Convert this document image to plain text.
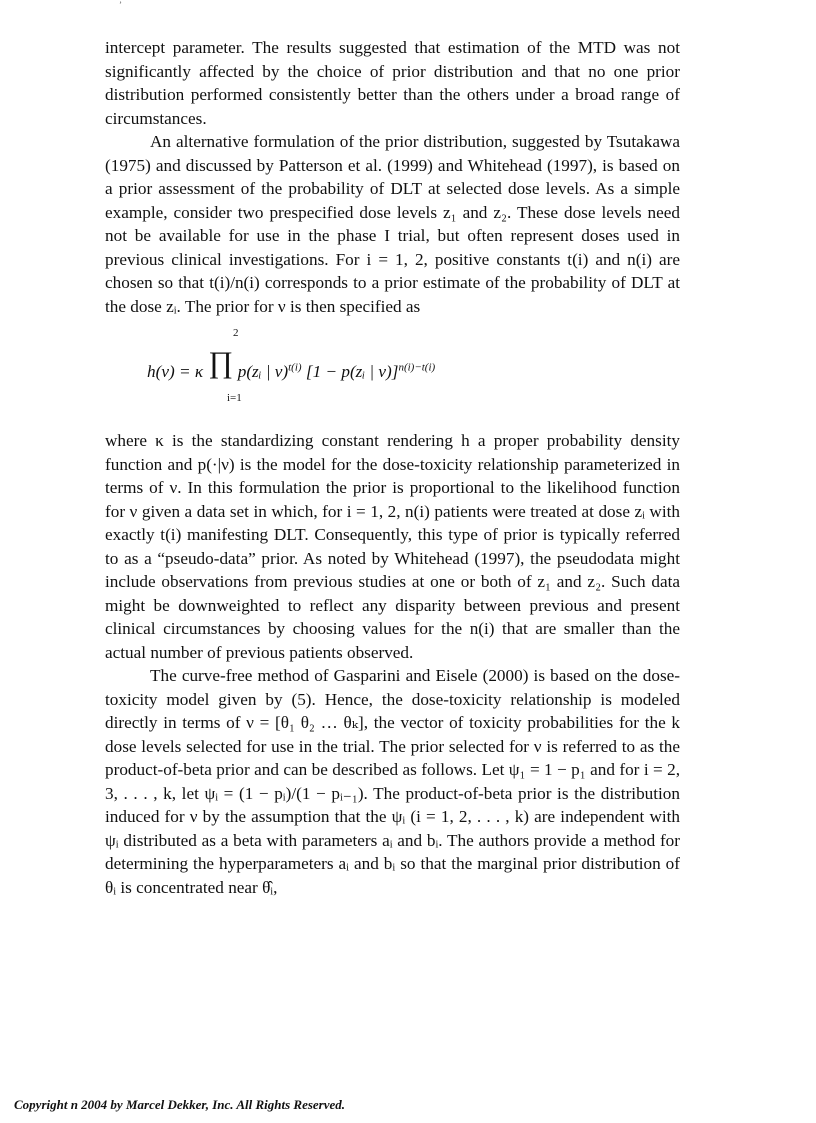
’

intercept parameter. The results suggested that estimation of the MTD was not significantly affected by the choice of prior distribution and that no one prior distribution performed consistently better than the others under a broad range of circumstances.

An alternative formulation of the prior distribution, suggested by Tsutakawa (1975) and discussed by Patterson et al. (1999) and Whitehead (1997), is based on a prior assessment of the probability of DLT at selected dose levels. As a simple example, consider two prespecified dose levels z₁ and z₂. These dose levels need not be available for use in the phase I trial, but often represent doses used in previous clinical investigations. For i = 1, 2, positive constants t(i) and n(i) are chosen so that t(i)/n(i) corresponds to a prior estimate of the probability of DLT at the dose zᵢ. The prior for ν is then specified as

h(ν) = κ ∏ p(zᵢ | ν)$^{t(i)}$ [1 − p(zᵢ | ν)]$^{n(i)-t(i)}$
2
i=1

where κ is the standardizing constant rendering h a proper probability density function and p(·|ν) is the model for the dose-toxicity relationship parameterized in terms of ν. In this formulation the prior is proportional to the likelihood function for ν given a data set in which, for i = 1, 2, n(i) patients were treated at dose zᵢ with exactly t(i) manifesting DLT. Consequently, this type of prior is typically referred to as a “pseudo-data” prior. As noted by Whitehead (1997), the pseudodata might include observations from previous studies at one or both of z₁ and z₂. Such data might be downweighted to reflect any disparity between previous and present clinical circumstances by choosing values for the n(i) that are smaller than the actual number of previous patients observed.

The curve-free method of Gasparini and Eisele (2000) is based on the dose-toxicity model given by (5). Hence, the dose-toxicity relationship is modeled directly in terms of ν = [θ₁ θ₂ … θₖ], the vector of toxicity probabilities for the k dose levels selected for use in the trial. The prior selected for ν is referred to as the product-of-beta prior and can be described as follows. Let ψ₁ = 1 − p₁ and for i = 2, 3, . . . , k, let ψᵢ = (1 − pᵢ)/(1 − pᵢ₋₁). The product-of-beta prior is the distribution induced for ν by the assumption that the ψᵢ (i = 1, 2, . . . , k) are independent with ψᵢ distributed as a beta with parameters aᵢ and bᵢ. The authors provide a method for determining the hyperparameters aᵢ and bᵢ so that the marginal prior distribution of θᵢ is concentrated near θ̂ᵢ,

Copyright n 2004 by Marcel Dekker, Inc. All Rights Reserved.
